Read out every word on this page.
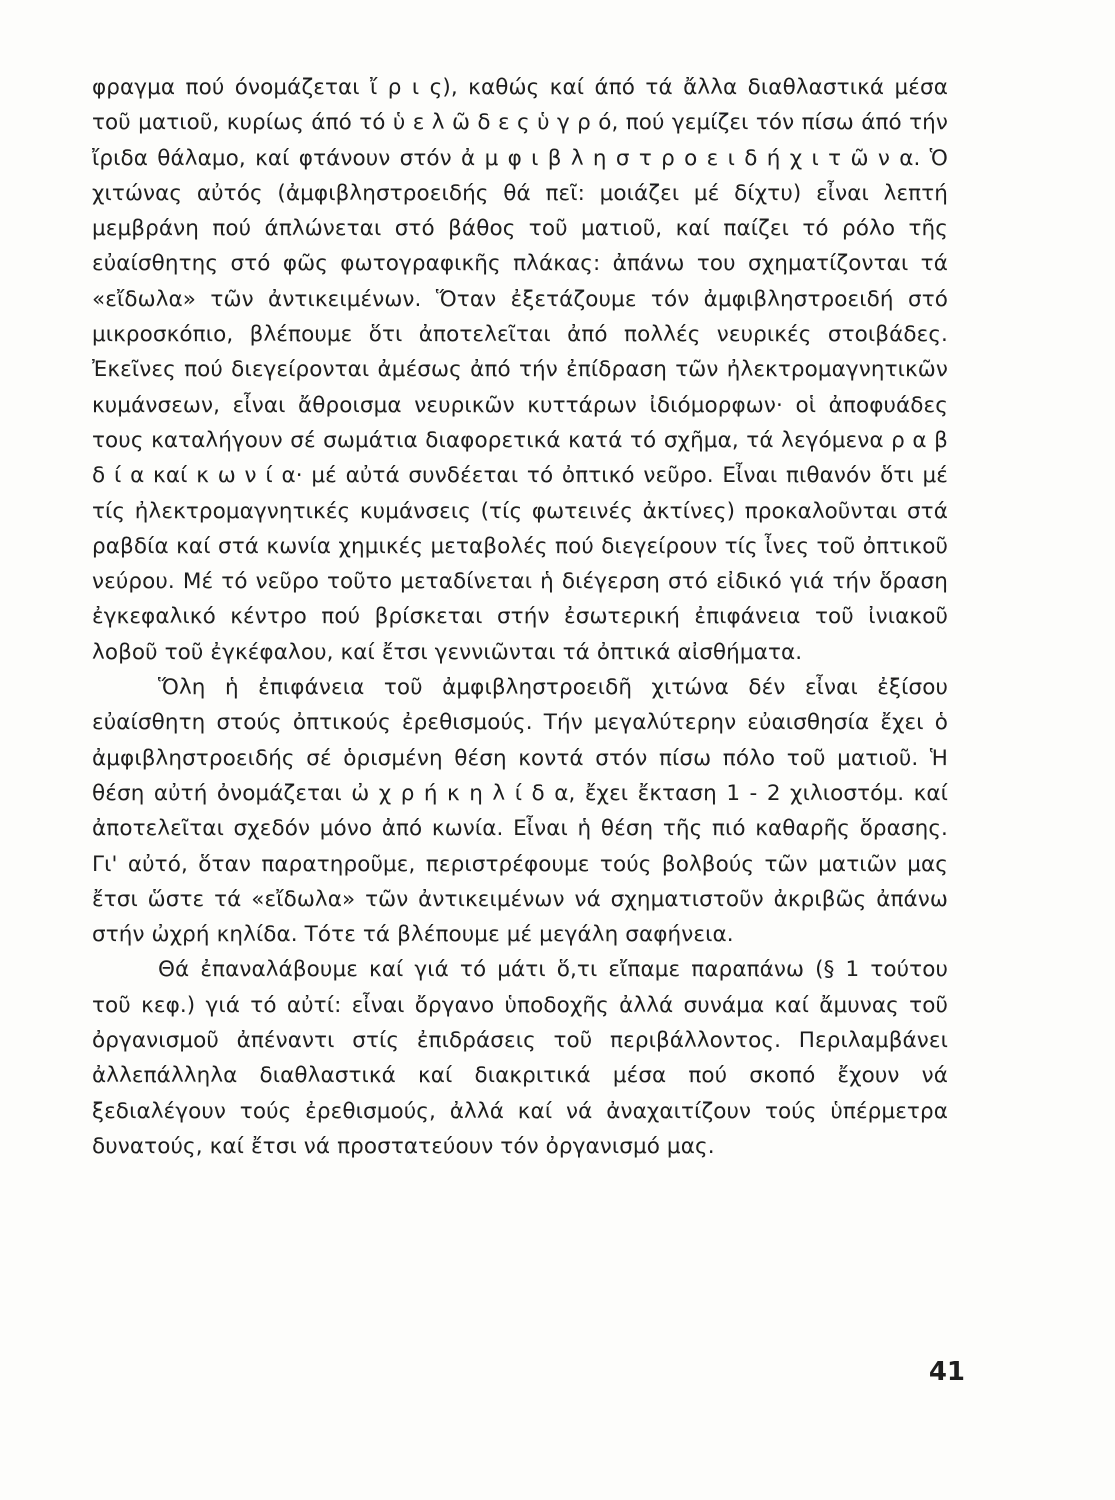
φραγμα πού όνομάζεται ἴ ρ ι ς), καθώς καί άπό τά ἄλλα διαθλαστικά μέσα τοῦ ματιοῦ, κυρίως άπό τό ὑ ε λ ῶ δ ε ς ὑ γ ρ ό, πού γεμίζει τόν πίσω άπό τήν ἴριδα θάλαμο, καί φτάνουν στόν ἀ μ φ ι β λ η σ τ ρ ο ε ι δ ή χ ι τ ῶ ν α. Ὁ χιτώνας αὐτός (ἀμφιβληστροειδής θά πεῖ: μοιάζει μέ δίχτυ) εἶναι λεπτή μεμβράνη πού άπλώνεται στό βάθος τοῦ ματιοῦ, καί παίζει τό ρόλο τῆς εὐαίσθητης στό φῶς φωτογραφικῆς πλάκας: ἀπάνω του σχηματίζονται τά «εἴδωλα» τῶν ἀντικειμένων. Ὅταν ἐξετάζουμε τόν ἀμφιβληστροειδή στό μικροσκόπιο, βλέπουμε ὅτι ἀποτελεῖται ἀπό πολλές νευρικές στοιβάδες. Ἐκεῖνες πού διεγείρονται ἀμέσως ἀπό τήν ἐπίδραση τῶν ἠλεκτρομαγνητικῶν κυμάνσεων, εἶναι ἄθροισμα νευρικῶν κυττάρων ἰδιόμορφων· οἱ ἀποφυάδες τους καταλήγουν σέ σωμάτια διαφορετικά κατά τό σχῆμα, τά λεγόμενα ρ α β δ ί α καί κ ω ν ί α· μέ αὐτά συνδέεται τό ὀπτικό νεῦρο. Εἶναι πιθανόν ὅτι μέ τίς ἠλεκτρομαγνητικές κυμάνσεις (τίς φωτεινές ἀκτίνες) προκαλοῦνται στά ραβδία καί στά κωνία χημικές μεταβολές πού διεγείρουν τίς ἶνες τοῦ ὀπτικοῦ νεύρου. Μέ τό νεῦρο τοῦτο μεταδίνεται ἡ διέγερση στό εἰδικό γιά τήν ὅραση ἐγκεφαλικό κέντρο πού βρίσκεται στήν ἐσωτερική ἐπιφάνεια τοῦ ἰνιακοῦ λοβοῦ τοῦ ἐγκέφαλου, καί ἔτσι γεννιῶνται τά ὀπτικά αἰσθήματα.

Ὅλη ἡ ἐπιφάνεια τοῦ ἀμφιβληστροειδῆ χιτώνα δέν εἶναι ἐξίσου εὐαίσθητη στούς ὀπτικούς ἐρεθισμούς. Τήν μεγαλύτερην εὐαισθησία ἔχει ὁ ἀμφιβληστροειδής σέ ὁρισμένη θέση κοντά στόν πίσω πόλο τοῦ ματιοῦ. Ἡ θέση αὐτή ὀνομάζεται ὠ χ ρ ή κ η λ ί δ α, ἔχει ἔκταση 1 - 2 χιλιοστόμ. καί ἀποτελεῖται σχεδόν μόνο ἀπό κωνία. Εἶναι ἡ θέση τῆς πιό καθαρῆς ὅρασης. Γι' αὐτό, ὅταν παρατηροῦμε, περιστρέφουμε τούς βολβούς τῶν ματιῶν μας ἔτσι ὥστε τά «εἴδωλα» τῶν ἀντικειμένων νά σχηματιστοῦν ἀκριβῶς ἀπάνω στήν ὠχρή κηλίδα. Τότε τά βλέπουμε μέ μεγάλη σαφήνεια.

Θά ἐπαναλάβουμε καί γιά τό μάτι ὅ,τι εἴπαμε παραπάνω (§ 1 τούτου τοῦ κεφ.) γιά τό αὐτί: εἶναι ὄργανο ὑποδοχῆς ἀλλά συνάμα καί ἄμυνας τοῦ ὀργανισμοῦ ἀπέναντι στίς ἐπιδράσεις τοῦ περιβάλλοντος. Περιλαμβάνει ἀλλεπάλληλα διαθλαστικά καί διακριτικά μέσα πού σκοπό ἔχουν νά ξεδιαλέγουν τούς ἐρεθισμούς, ἀλλά καί νά ἀναχαιτίζουν τούς ὑπέρμετρα δυνατούς, καί ἔτσι νά προστατεύουν τόν ὀργανισμό μας.

41
